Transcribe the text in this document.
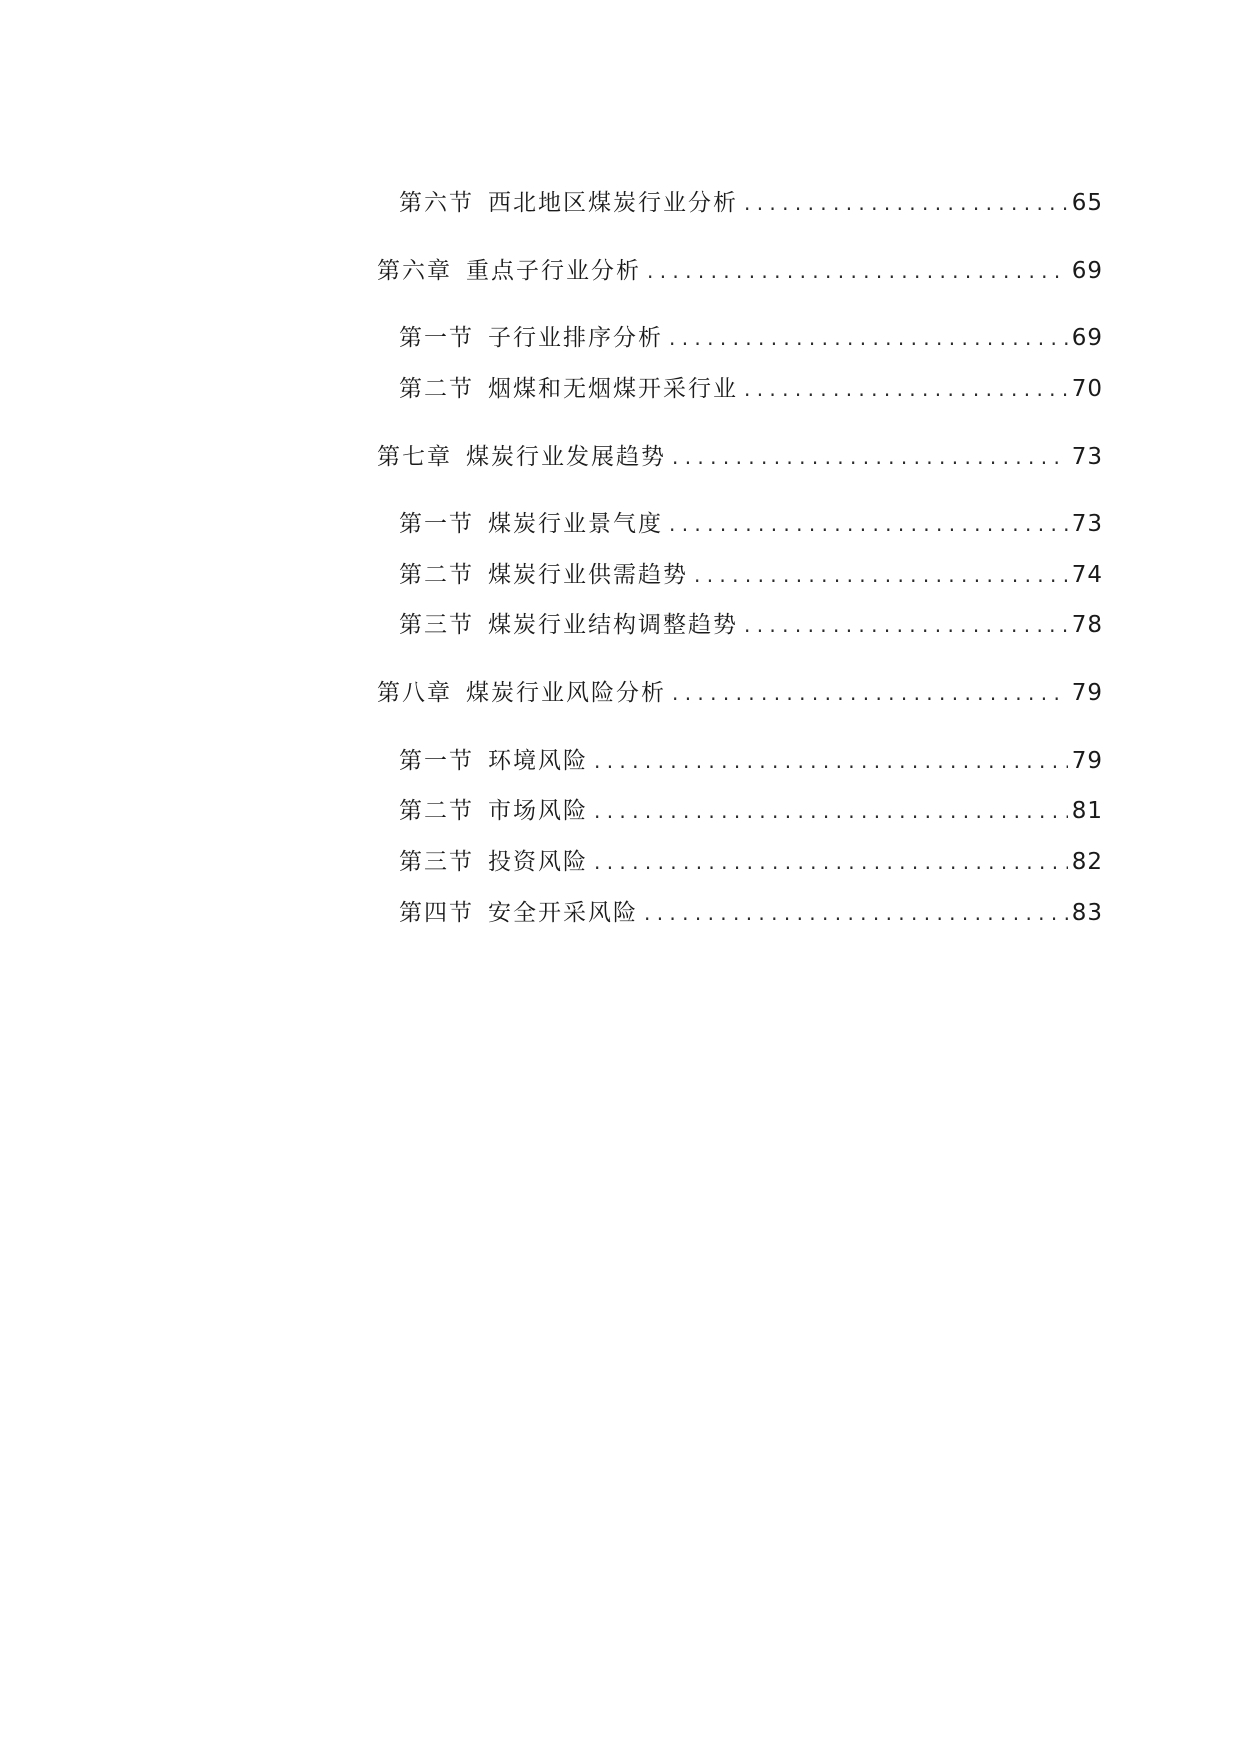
第六节 西北地区煤炭行业分析 . . .	65
第六章 重点子行业分析 . . .	69
第一节 子行业排序分析 . . .	69
第二节 烟煤和无烟煤开采行业 . . .	70
第七章 煤炭行业发展趋势 . . .	73
第一节 煤炭行业景气度 . . .	73
第二节 煤炭行业供需趋势 . . .	74
第三节 煤炭行业结构调整趋势 . . .	78
第八章 煤炭行业风险分析 . . .	79
第一节 环境风险 . . .	79
第二节 市场风险 . . .	81
第三节 投资风险 . . .	82
第四节 安全开采风险 . . .	83
